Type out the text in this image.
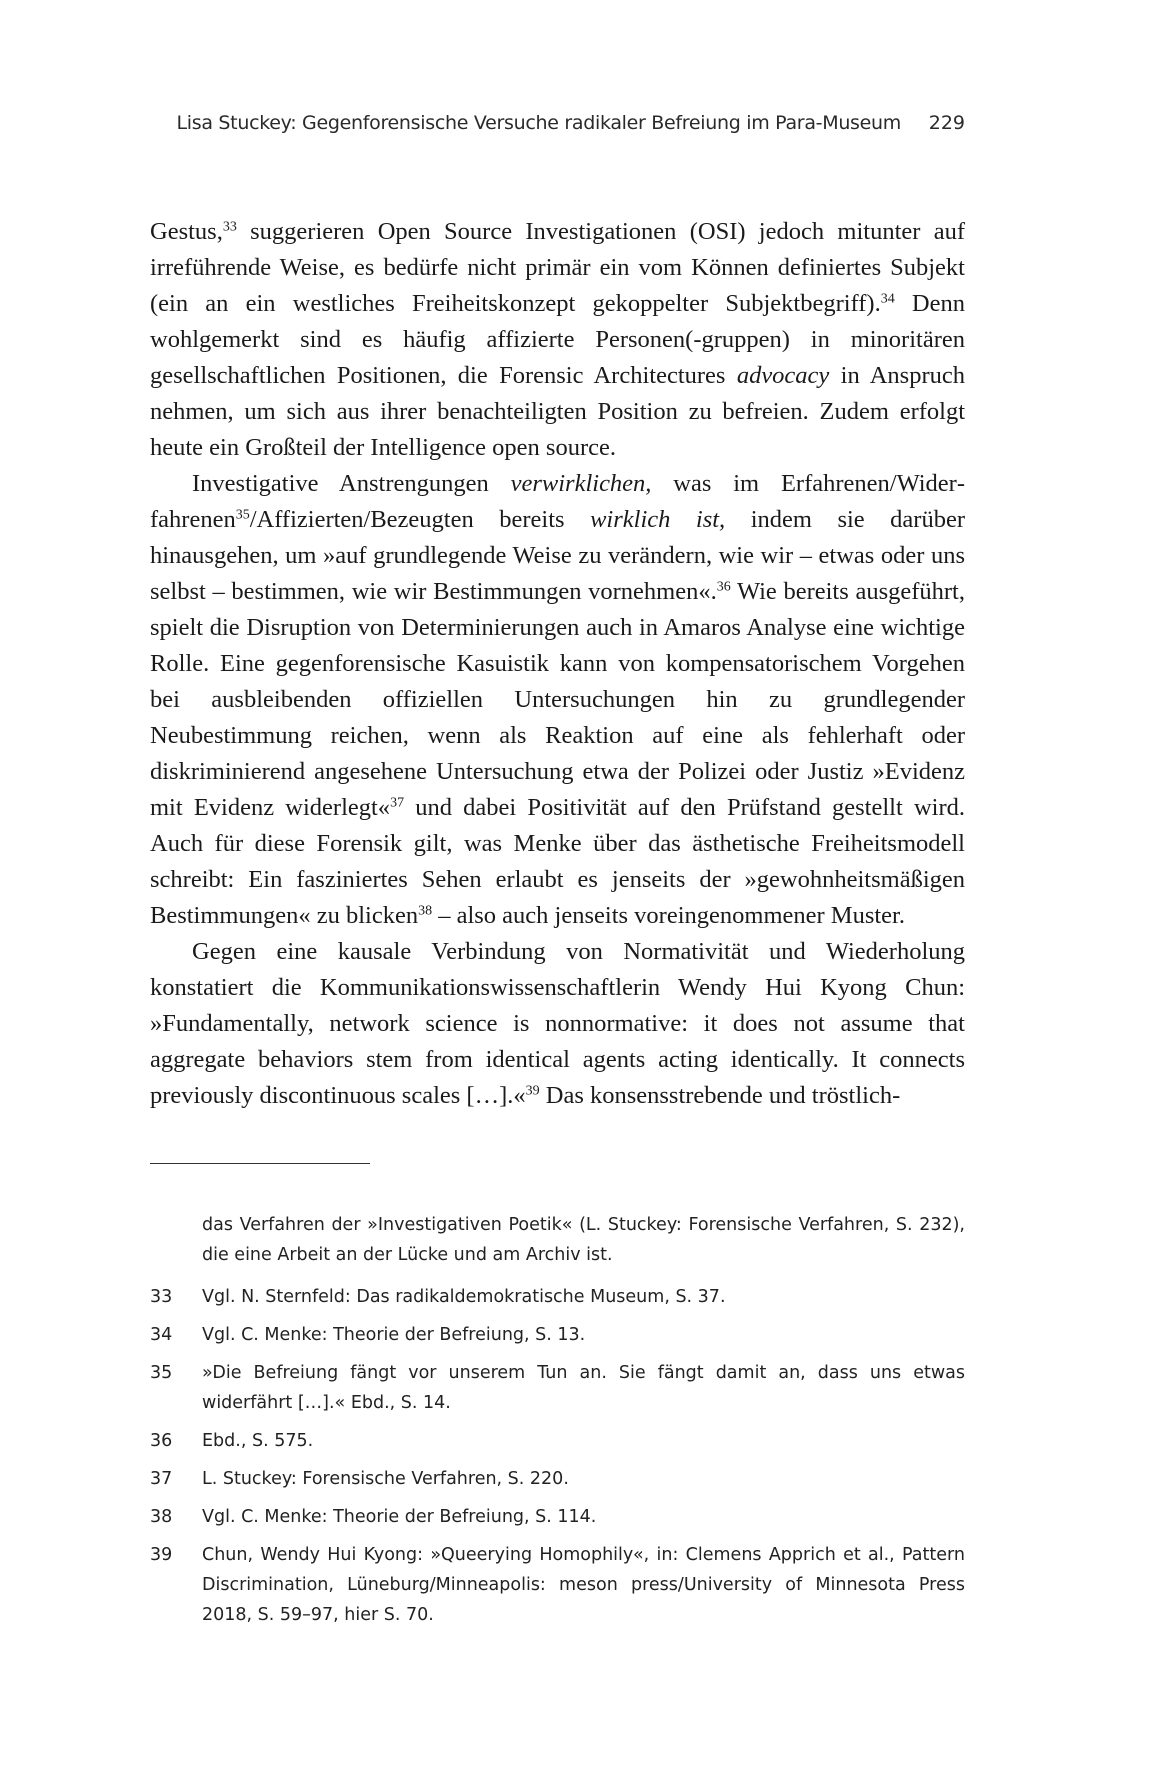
Lisa Stuckey: Gegenforensische Versuche radikaler Befreiung im Para-Museum 229

Gestus,$^{33}$ suggerieren Open Source Investigationen (OSI) jedoch mitunter auf irreführende Weise, es bedürfe nicht primär ein vom Können definiertes Subjekt (ein an ein westliches Freiheitskonzept gekoppelter Subjektbegriff).$^{34}$ Denn wohlgemerkt sind es häufig affizierte Personen(-gruppen) in minoritären gesellschaftlichen Positionen, die Forensic Architectures advocacy in Anspruch nehmen, um sich aus ihrer benachteiligten Position zu befreien. Zudem erfolgt heute ein Großteil der Intelligence open source.

Investigative Anstrengungen verwirklichen, was im Erfahrenen/Widerfahrenen$^{35}$/Affizierten/Bezeugten bereits wirklich ist, indem sie darüber hinausgehen, um »auf grundlegende Weise zu verändern, wie wir – etwas oder uns selbst – bestimmen, wie wir Bestimmungen vornehmen«.$^{36}$ Wie bereits ausgeführt, spielt die Disruption von Determinierungen auch in Amaros Analyse eine wichtige Rolle. Eine gegenforensische Kasuistik kann von kompensatorischem Vorgehen bei ausbleibenden offiziellen Untersuchungen hin zu grundlegender Neubestimmung reichen, wenn als Reaktion auf eine als fehlerhaft oder diskriminierend angesehene Untersuchung etwa der Polizei oder Justiz »Evidenz mit Evidenz widerlegt«$^{37}$ und dabei Positivität auf den Prüfstand gestellt wird. Auch für diese Forensik gilt, was Menke über das ästhetische Freiheitsmodell schreibt: Ein fasziniertes Sehen erlaubt es jenseits der »gewohnheitsmäßigen Bestimmungen« zu blicken$^{38}$ – also auch jenseits voreingenommener Muster.

Gegen eine kausale Verbindung von Normativität und Wiederholung konstatiert die Kommunikationswissenschaftlerin Wendy Hui Kyong Chun: »Fundamentally, network science is nonnormative: it does not assume that aggregate behaviors stem from identical agents acting identically. It connects previously discontinuous scales […].«$^{39}$ Das konsensstrebende und tröstlich-

das Verfahren der »Investigativen Poetik« (L. Stuckey: Forensische Verfahren, S. 232), die eine Arbeit an der Lücke und am Archiv ist.
33 Vgl. N. Sternfeld: Das radikaldemokratische Museum, S. 37.
34 Vgl. C. Menke: Theorie der Befreiung, S. 13.
35 »Die Befreiung fängt vor unserem Tun an. Sie fängt damit an, dass uns etwas widerfährt […].« Ebd., S. 14.
36 Ebd., S. 575.
37 L. Stuckey: Forensische Verfahren, S. 220.
38 Vgl. C. Menke: Theorie der Befreiung, S. 114.
39 Chun, Wendy Hui Kyong: »Queerying Homophily«, in: Clemens Apprich et al., Pattern Discrimination, Lüneburg/Minneapolis: meson press/University of Minnesota Press 2018, S. 59–97, hier S. 70.
